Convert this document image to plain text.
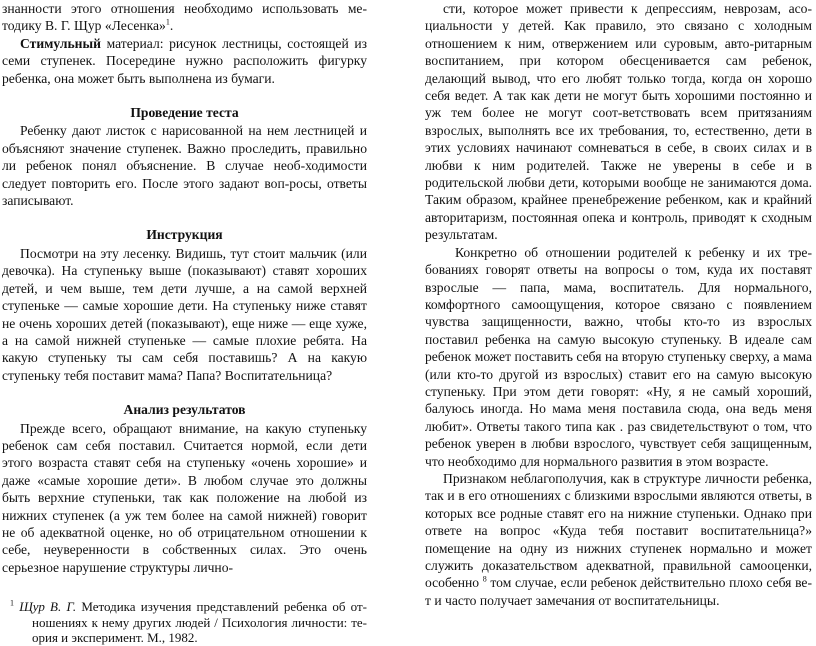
знанности этого отношения необходимо использовать ме-тодику В. Г. Щур «Лесенка»$^1$.

Стимульный материал: рисунок лестницы, состоящей из семи ступенек. Посередине нужно расположить фигурку ребенка, она может быть выполнена из бумаги.

Проведение теста

Ребенку дают листок с нарисованной на нем лестницей и объясняют значение ступенек. Важно проследить, правильно ли ребенок понял объяснение. В случае необ-ходимости следует повторить его. После этого задают воп-росы, ответы записывают.

Инструкция

Посмотри на эту лесенку. Видишь, тут стоит мальчик (или девочка). На ступеньку выше (показывают) ставят хороших детей, и чем выше, тем дети лучше, а на самой верхней ступеньке — самые хорошие дети. На ступеньку ниже ставят не очень хороших детей (показывают), еще ниже — еще хуже, а на самой нижней ступеньке — самые плохие ребята. На какую ступеньку ты сам себя поставишь? А на какую ступеньку тебя поставит мама? Папа? Воспитательница?

Анализ результатов

Прежде всего, обращают внимание, на какую ступеньку ребенок сам себя поставил. Считается нормой, если дети этого возраста ставят себя на ступеньку «очень хорошие» и даже «самые хорошие дети». В любом случае это должны быть верхние ступеньки, так как положение на любой из нижних ступенек (а уж тем более на самой нижней) говорит не об адекватной оценке, но об отрицательном отношении к себе, неуверенности в собственных силах. Это очень серьезное нарушение структуры лично-

$^1$ Щур В. Г. Методика изучения представлений ребенка об от-ношениях к нему других людей / Психология личности: те-ория и эксперимент. М., 1982.

сти, которое может привести к депрессиям, неврозам, асо-циальности у детей. Как правило, это связано с холодным отношением к ним, отвержением или суровым, авто-ритарным воспитанием, при котором обесценивается сам ребенок, делающий вывод, что его любят только тогда, когда он хорошо себя ведет. А так как дети не могут быть хорошими постоянно и уж тем более не могут соот-ветствовать всем притязаниям взрослых, выполнять все их требования, то, естественно, дети в этих условиях начинают сомневаться в себе, в своих силах и в любви к ним родителей. Также не уверены в себе и в родительской любви дети, которыми вообще не занимаются дома. Таким образом, крайнее пренебрежение ребенком, как и крайний авторитаризм, постоянная опека и контроль, приводят к сходным результатам.

Конкретно об отношении родителей к ребенку и их тре-бованиях говорят ответы на вопросы о том, куда их поставят взрослые — папа, мама, воспитатель. Для нормального, комфортного самоощущения, которое связано с появлением чувства защищенности, важно, чтобы кто-то из взрослых поставил ребенка на самую высокую ступеньку. В идеале сам ребенок может поставить себя на вторую ступеньку сверху, а мама (или кто-то другой из взрослых) ставит его на самую высокую ступеньку. При этом дети говорят: «Ну, я не самый хороший, балуюсь иногда. Но мама меня поставила сюда, она ведь меня любит». Ответы такого типа как . раз свидетельствуют о том, что ребенок уверен в любви взрослого, чувствует себя защищенным, что необходимо для нормального развития в этом возрасте.

Признаком неблагополучия, как в структуре личности ребенка, так и в его отношениях с близкими взрослыми являются ответы, в которых все родные ставят его на нижние ступеньки. Однако при ответе на вопрос «Куда тебя поставит воспитательница?» помещение на одну из нижних ступенек нормально и может служить доказательством адекватной, правильной самооценки, особенно $^8$ том случае, если ребенок действительно плохо себя ве-т и часто получает замечания от воспитательницы.
